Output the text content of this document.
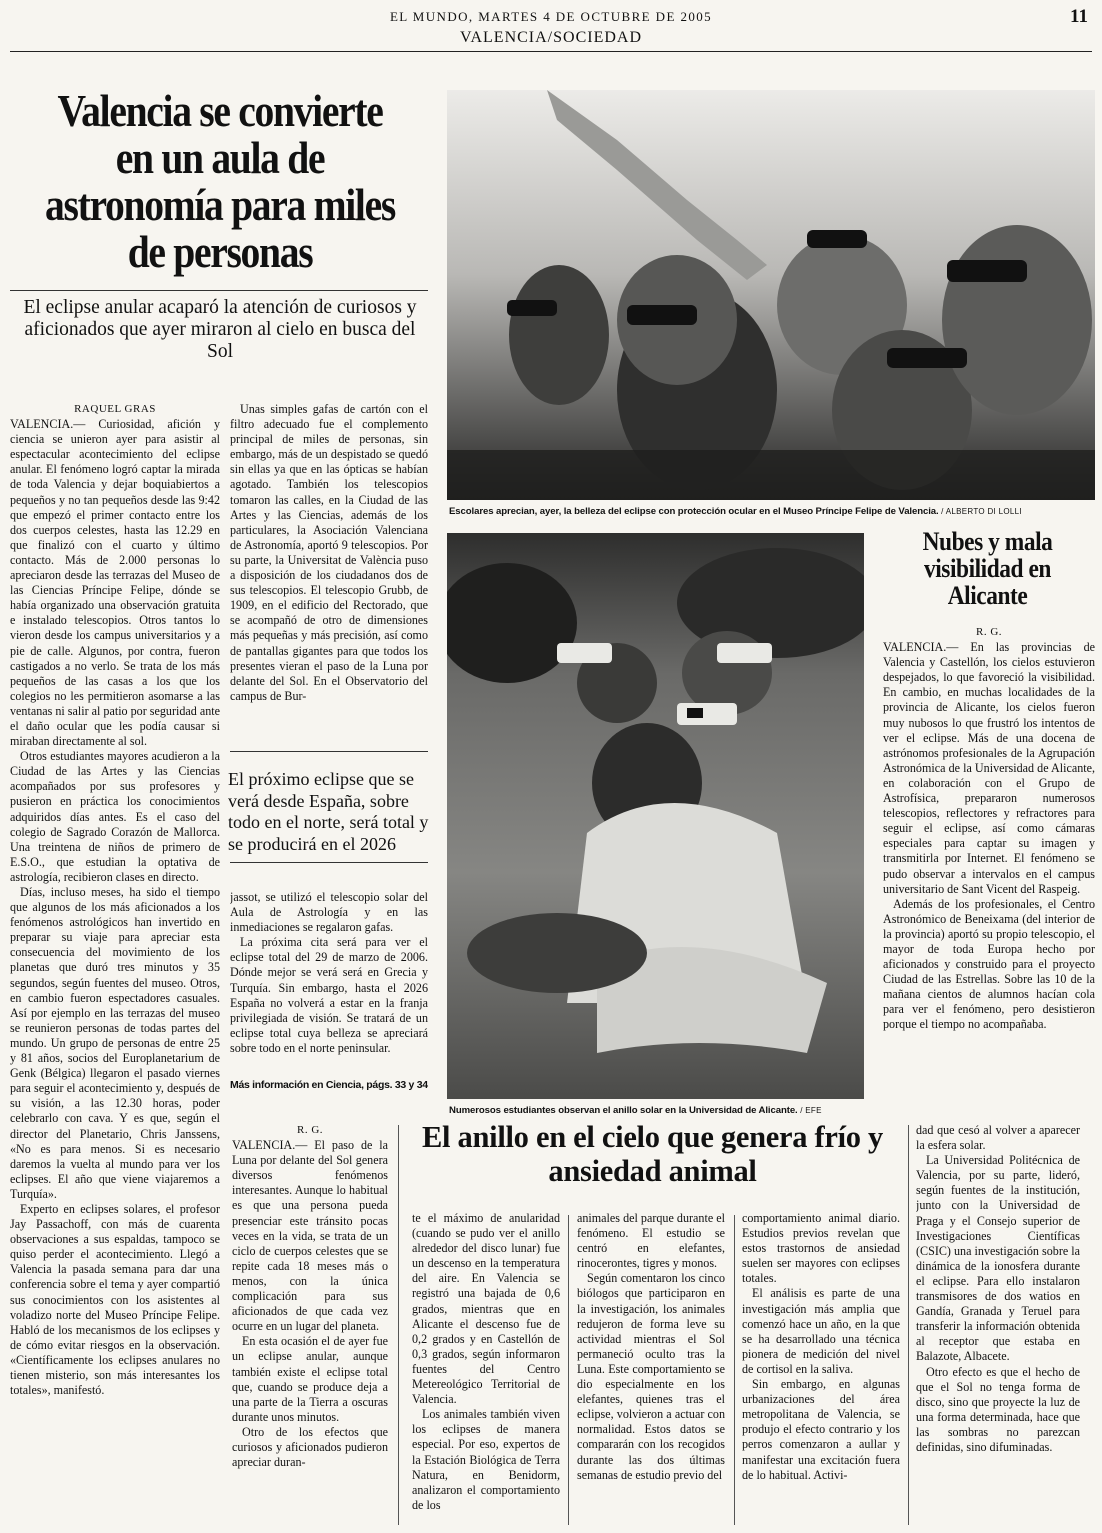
EL MUNDO, MARTES 4 DE OCTUBRE DE 2005	11
VALENCIA/SOCIEDAD
Valencia se convierte en un aula de astronomía para miles de personas
El eclipse anular acaparó la atención de curiosos y aficionados que ayer miraron al cielo en busca del Sol

RAQUEL GRAS

VALENCIA.— Curiosidad, afición y ciencia se unieron ayer para asistir al espectacular acontecimiento del eclipse anular. El fenómeno logró captar la mirada de toda Valencia y dejar boquiabiertos a pequeños y no tan pequeños desde las 9:42 que empezó el primer contacto entre los dos cuerpos celestes, hasta las 12.29 en que finalizó con el cuarto y último contacto. Más de 2.000 personas lo apreciaron desde las terrazas del Museo de las Ciencias Príncipe Felipe, dónde se había organizado una observación gratuita e instalado telescopios. Otros tantos lo vieron desde los campus universitarios y a pie de calle. Algunos, por contra, fueron castigados a no verlo. Se trata de los más pequeños de las casas a los que los colegios no les permitieron asomarse a las ventanas ni salir al patio por seguridad ante el daño ocular que les podía causar si miraban directamente al sol.

Otros estudiantes mayores acudieron a la Ciudad de las Artes y las Ciencias acompañados por sus profesores y pusieron en práctica los conocimientos adquiridos días antes. Es el caso del colegio de Sagrado Corazón de Mallorca. Una treintena de niños de primero de E.S.O., que estudian la optativa de astrología, recibieron clases en directo.

Días, incluso meses, ha sido el tiempo que algunos de los más aficionados a los fenómenos astrológicos han invertido en preparar su viaje para apreciar esta consecuencia del movimiento de los planetas que duró tres minutos y 35 segundos, según fuentes del museo. Otros, en cambio fueron espectadores casuales. Así por ejemplo en las terrazas del museo se reunieron personas de todas partes del mundo. Un grupo de personas de entre 25 y 81 años, socios del Europlanetarium de Genk (Bélgica) llegaron el pasado viernes para seguir el acontecimiento y, después de su visión, a las 12.30 horas, poder celebrarlo con cava. Y es que, según el director del Planetario, Chris Janssens, «No es para menos. Si es necesario daremos la vuelta al mundo para ver los eclipses. El año que viene viajaremos a Turquía».

Experto en eclipses solares, el profesor Jay Passachoff, con más de cuarenta observaciones a sus espaldas, tampoco se quiso perder el acontecimiento. Llegó a Valencia la pasada semana para dar una conferencia sobre el tema y ayer compartió sus conocimientos con los asistentes al voladizo norte del Museo Príncipe Felipe. Habló de los mecanismos de los eclipses y de cómo evitar riesgos en la observación. «Científicamente los eclipses anulares no tienen misterio, son más interesantes los totales», manifestó.

Unas simples gafas de cartón con el filtro adecuado fue el complemento principal de miles de personas, sin embargo, más de un despistado se quedó sin ellas ya que en las ópticas se habían agotado. También los telescopios tomaron las calles, en la Ciudad de las Artes y las Ciencias, además de los particulares, la Asociación Valenciana de Astronomía, aportó 9 telescopios. Por su parte, la Universitat de València puso a disposición de los ciudadanos dos de sus telescopios. El telescopio Grubb, de 1909, en el edificio del Rectorado, que se acompañó de otro de dimensiones más pequeñas y más precisión, así como de pantallas gigantes para que todos los presentes vieran el paso de la Luna por delante del Sol. En el Observatorio del campus de Bur-

El próximo eclipse que se verá desde España, sobre todo en el norte, será total y se producirá en el 2026

jassot, se utilizó el telescopio solar del Aula de Astrología y en las inmediaciones se regalaron gafas.

La próxima cita será para ver el eclipse total del 29 de marzo de 2006. Dónde mejor se verá será en Grecia y Turquía. Sin embargo, hasta el 2026 España no volverá a estar en la franja privilegiada de visión. Se tratará de un eclipse total cuya belleza se apreciará sobre todo en el norte peninsular.

Más información en Ciencia, págs. 33 y 34
Escolares aprecian, ayer, la belleza del eclipse con protección ocular en el Museo Príncipe Felipe de Valencia. / ALBERTO DI LOLLI
Numerosos estudiantes observan el anillo solar en la Universidad de Alicante. / EFE
Nubes y mala visibilidad en Alicante

R. G.

VALENCIA.— En las provincias de Valencia y Castellón, los cielos estuvieron despejados, lo que favoreció la visibilidad. En cambio, en muchas localidades de la provincia de Alicante, los cielos fueron muy nubosos lo que frustró los intentos de ver el eclipse. Más de una docena de astrónomos profesionales de la Agrupación Astronómica de la Universidad de Alicante, en colaboración con el Grupo de Astrofísica, prepararon numerosos telescopios, reflectores y refractores para seguir el eclipse, así como cámaras especiales para captar su imagen y transmitirla por Internet. El fenómeno se pudo observar a intervalos en el campus universitario de Sant Vicent del Raspeig.

Además de los profesionales, el Centro Astronómico de Beneixama (del interior de la provincia) aportó su propio telescopio, el mayor de toda Europa hecho por aficionados y construido para el proyecto Ciudad de las Estrellas. Sobre las 10 de la mañana cientos de alumnos hacían cola para ver el fenómeno, pero desistieron porque el tiempo no acompañaba.

El anillo en el cielo que genera frío y ansiedad animal

R. G.

VALENCIA.— El paso de la Luna por delante del Sol genera diversos fenómenos interesantes. Aunque lo habitual es que una persona pueda presenciar este tránsito pocas veces en la vida, se trata de un ciclo de cuerpos celestes que se repite cada 18 meses más o menos, con la única complicación para sus aficionados de que cada vez ocurre en un lugar del planeta.

En esta ocasión el de ayer fue un eclipse anular, aunque también existe el eclipse total que, cuando se produce deja a una parte de la Tierra a oscuras durante unos minutos.

Otro de los efectos que curiosos y aficionados pudieron apreciar duran-

te el máximo de anularidad (cuando se pudo ver el anillo alrededor del disco lunar) fue un descenso en la temperatura del aire. En Valencia se registró una bajada de 0,6 grados, mientras que en Alicante el descenso fue de 0,2 grados y en Castellón de 0,3 grados, según informaron fuentes del Centro Metereológico Territorial de Valencia.

Los animales también viven los eclipses de manera especial. Por eso, expertos de la Estación Biológica de Terra Natura, en Benidorm, analizaron el comportamiento de los

animales del parque durante el fenómeno. El estudio se centró en elefantes, rinocerontes, tigres y monos.

Según comentaron los cinco biólogos que participaron en la investigación, los animales redujeron de forma leve su actividad mientras el Sol permaneció oculto tras la Luna. Este comportamiento se dio especialmente en los elefantes, quienes tras el eclipse, volvieron a actuar con normalidad. Estos datos se compararán con los recogidos durante las dos últimas semanas de estudio previo del

comportamiento animal diario. Estudios previos revelan que estos trastornos de ansiedad suelen ser mayores con eclipses totales.

El análisis es parte de una investigación más amplia que comenzó hace un año, en la que se ha desarrollado una técnica pionera de medición del nivel de cortisol en la saliva.

Sin embargo, en algunas urbanizaciones del área metropolitana de Valencia, se produjo el efecto contrario y los perros comenzaron a aullar y manifestar una excitación fuera de lo habitual. Activi-

dad que cesó al volver a aparecer la esfera solar.

La Universidad Politécnica de Valencia, por su parte, lideró, según fuentes de la institución, junto con la Universidad de Praga y el Consejo superior de Investigaciones Científicas (CSIC) una investigación sobre la dinámica de la ionosfera durante el eclipse. Para ello instalaron transmisores de dos watios en Gandía, Granada y Teruel para transferir la información obtenida al receptor que estaba en Balazote, Albacete.

Otro efecto es que el hecho de que el Sol no tenga forma de disco, sino que proyecte la luz de una forma determinada, hace que las sombras no parezcan definidas, sino difuminadas.
